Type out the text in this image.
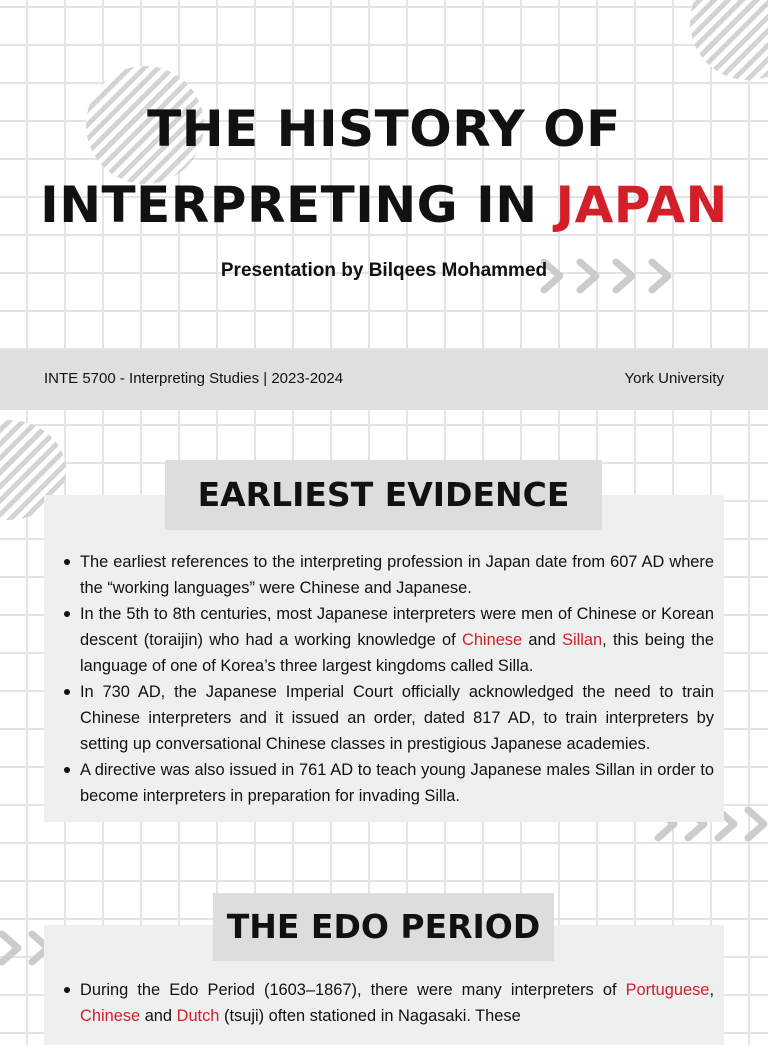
THE HISTORY OF
INTERPRETING IN JAPAN
Presentation by Bilqees Mohammed
INTE 5700 - Interpreting Studies | 2023-2024	York University
The earliest references to the interpreting profession in Japan date from 607 AD where the “working languages” were Chinese and Japanese.
In the 5th to 8th centuries, most Japanese interpreters were men of Chinese or Korean descent (toraijin) who had a working knowledge of Chinese and Sillan, this being the language of one of Korea’s three largest kingdoms called Silla.
In 730 AD, the Japanese Imperial Court officially acknowledged the need to train Chinese interpreters and it issued an order, dated 817 AD, to train interpreters by setting up conversational Chinese classes in prestigious Japanese academies.
A directive was also issued in 761 AD to teach young Japanese males Sillan in order to become interpreters in preparation for invading Silla.
EARLIEST EVIDENCE
During the Edo Period (1603–1867), there were many interpreters of Portuguese, Chinese and Dutch (tsuji) often stationed in Nagasaki. These
THE EDO PERIOD
